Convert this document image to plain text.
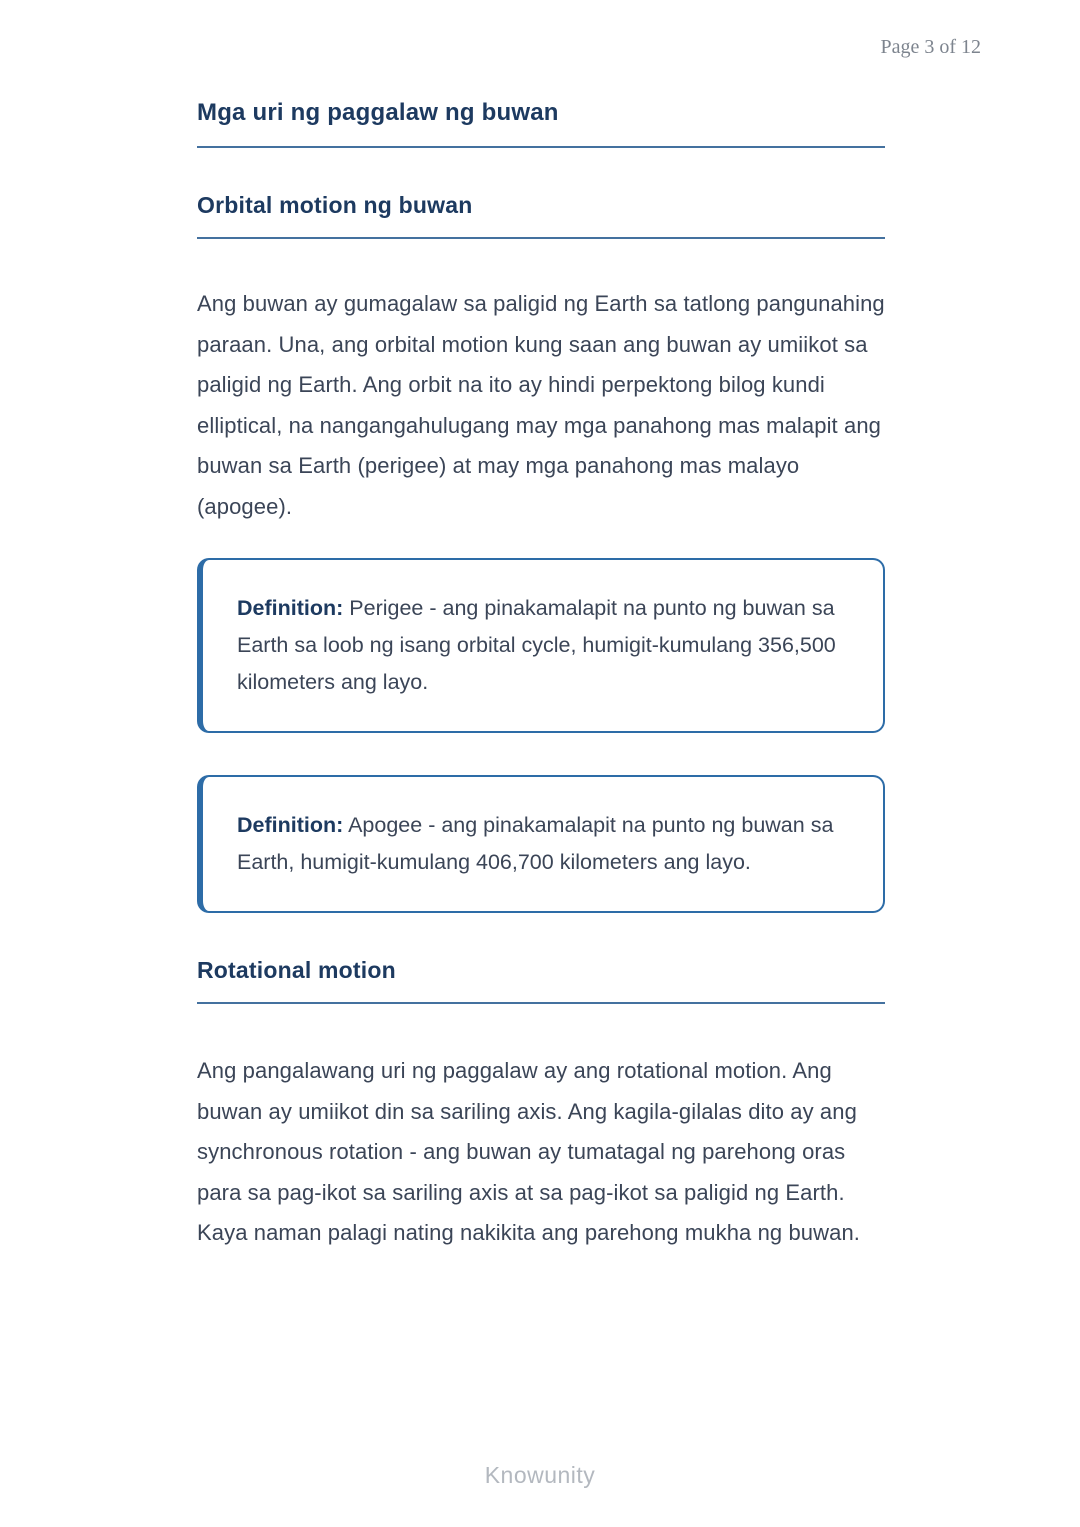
Page 3 of 12
Mga uri ng paggalaw ng buwan
Orbital motion ng buwan

Ang buwan ay gumagalaw sa paligid ng Earth sa tatlong pangunahing paraan. Una, ang orbital motion kung saan ang buwan ay umiikot sa paligid ng Earth. Ang orbit na ito ay hindi perpektong bilog kundi elliptical, na nangangahulugang may mga panahong mas malapit ang buwan sa Earth (perigee) at may mga panahong mas malayo (apogee).

Definition: Perigee - ang pinakamalapit na punto ng buwan sa Earth sa loob ng isang orbital cycle, humigit-kumulang 356,500 kilometers ang layo.
Definition: Apogee - ang pinakamalapit na punto ng buwan sa Earth, humigit-kumulang 406,700 kilometers ang layo.
Rotational motion

Ang pangalawang uri ng paggalaw ay ang rotational motion. Ang buwan ay umiikot din sa sariling axis. Ang kagila-gilalas dito ay ang synchronous rotation - ang buwan ay tumatagal ng parehong oras para sa pag-ikot sa sariling axis at sa pag-ikot sa paligid ng Earth. Kaya naman palagi nating nakikita ang parehong mukha ng buwan.

Knowunity
